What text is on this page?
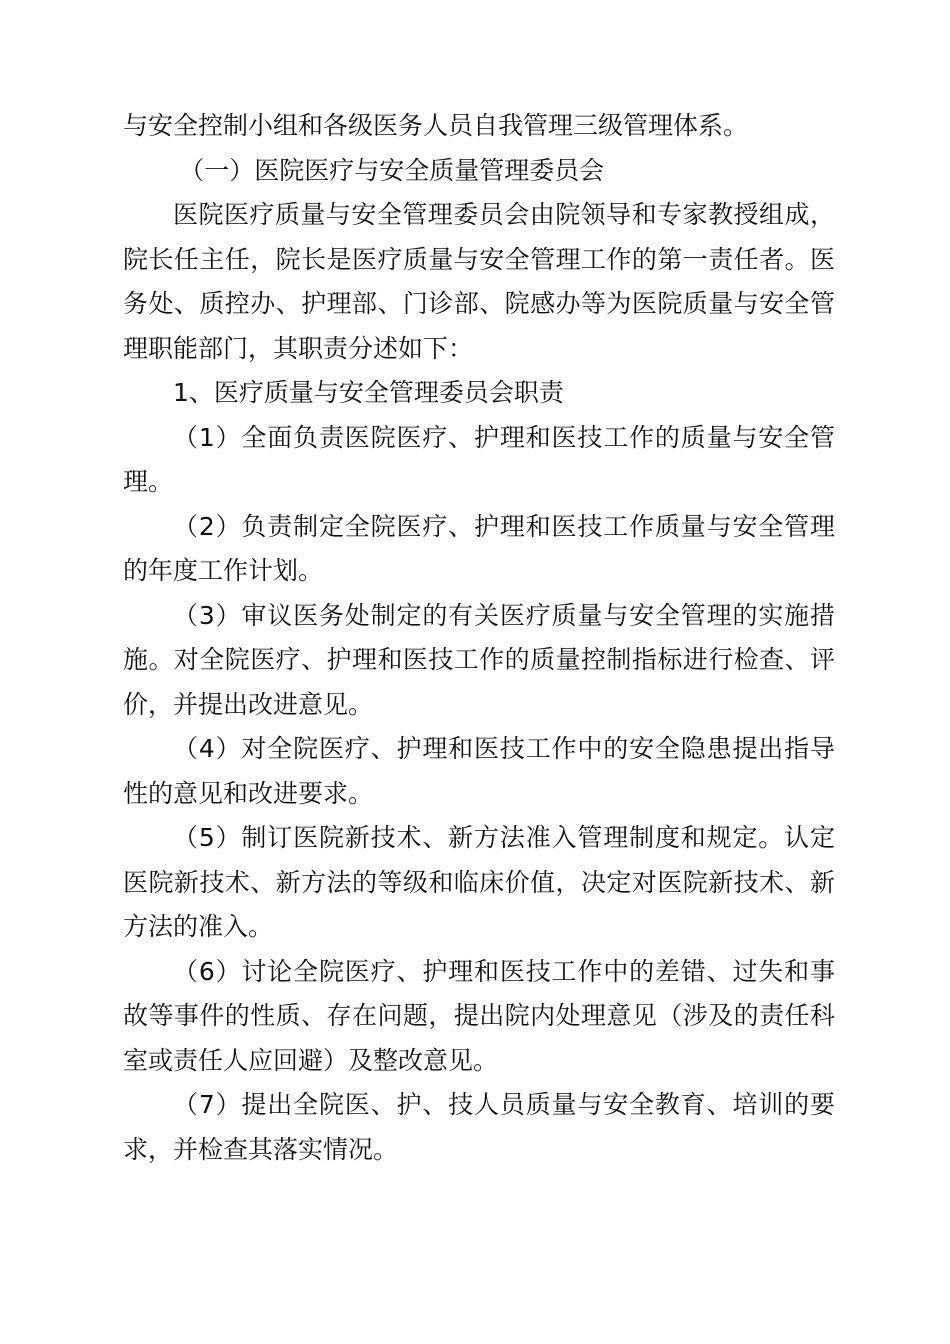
与安全控制小组和各级医务人员自我管理三级管理体系。

（一）医院医疗与安全质量管理委员会

医院医疗质量与安全管理委员会由院领导和专家教授组成，院长任主任，院长是医疗质量与安全管理工作的第一责任者。医务处、质控办、护理部、门诊部、院感办等为医院质量与安全管理职能部门，其职责分述如下：

1、医疗质量与安全管理委员会职责

（1）全面负责医院医疗、护理和医技工作的质量与安全管理。

（2）负责制定全院医疗、护理和医技工作质量与安全管理的年度工作计划。

（3）审议医务处制定的有关医疗质量与安全管理的实施措施。对全院医疗、护理和医技工作的质量控制指标进行检查、评价，并提出改进意见。

（4）对全院医疗、护理和医技工作中的安全隐患提出指导性的意见和改进要求。

（5）制订医院新技术、新方法准入管理制度和规定。认定医院新技术、新方法的等级和临床价值，决定对医院新技术、新方法的准入。

（6）讨论全院医疗、护理和医技工作中的差错、过失和事故等事件的性质、存在问题，提出院内处理意见（涉及的责任科室或责任人应回避）及整改意见。

（7）提出全院医、护、技人员质量与安全教育、培训的要求，并检查其落实情况。
